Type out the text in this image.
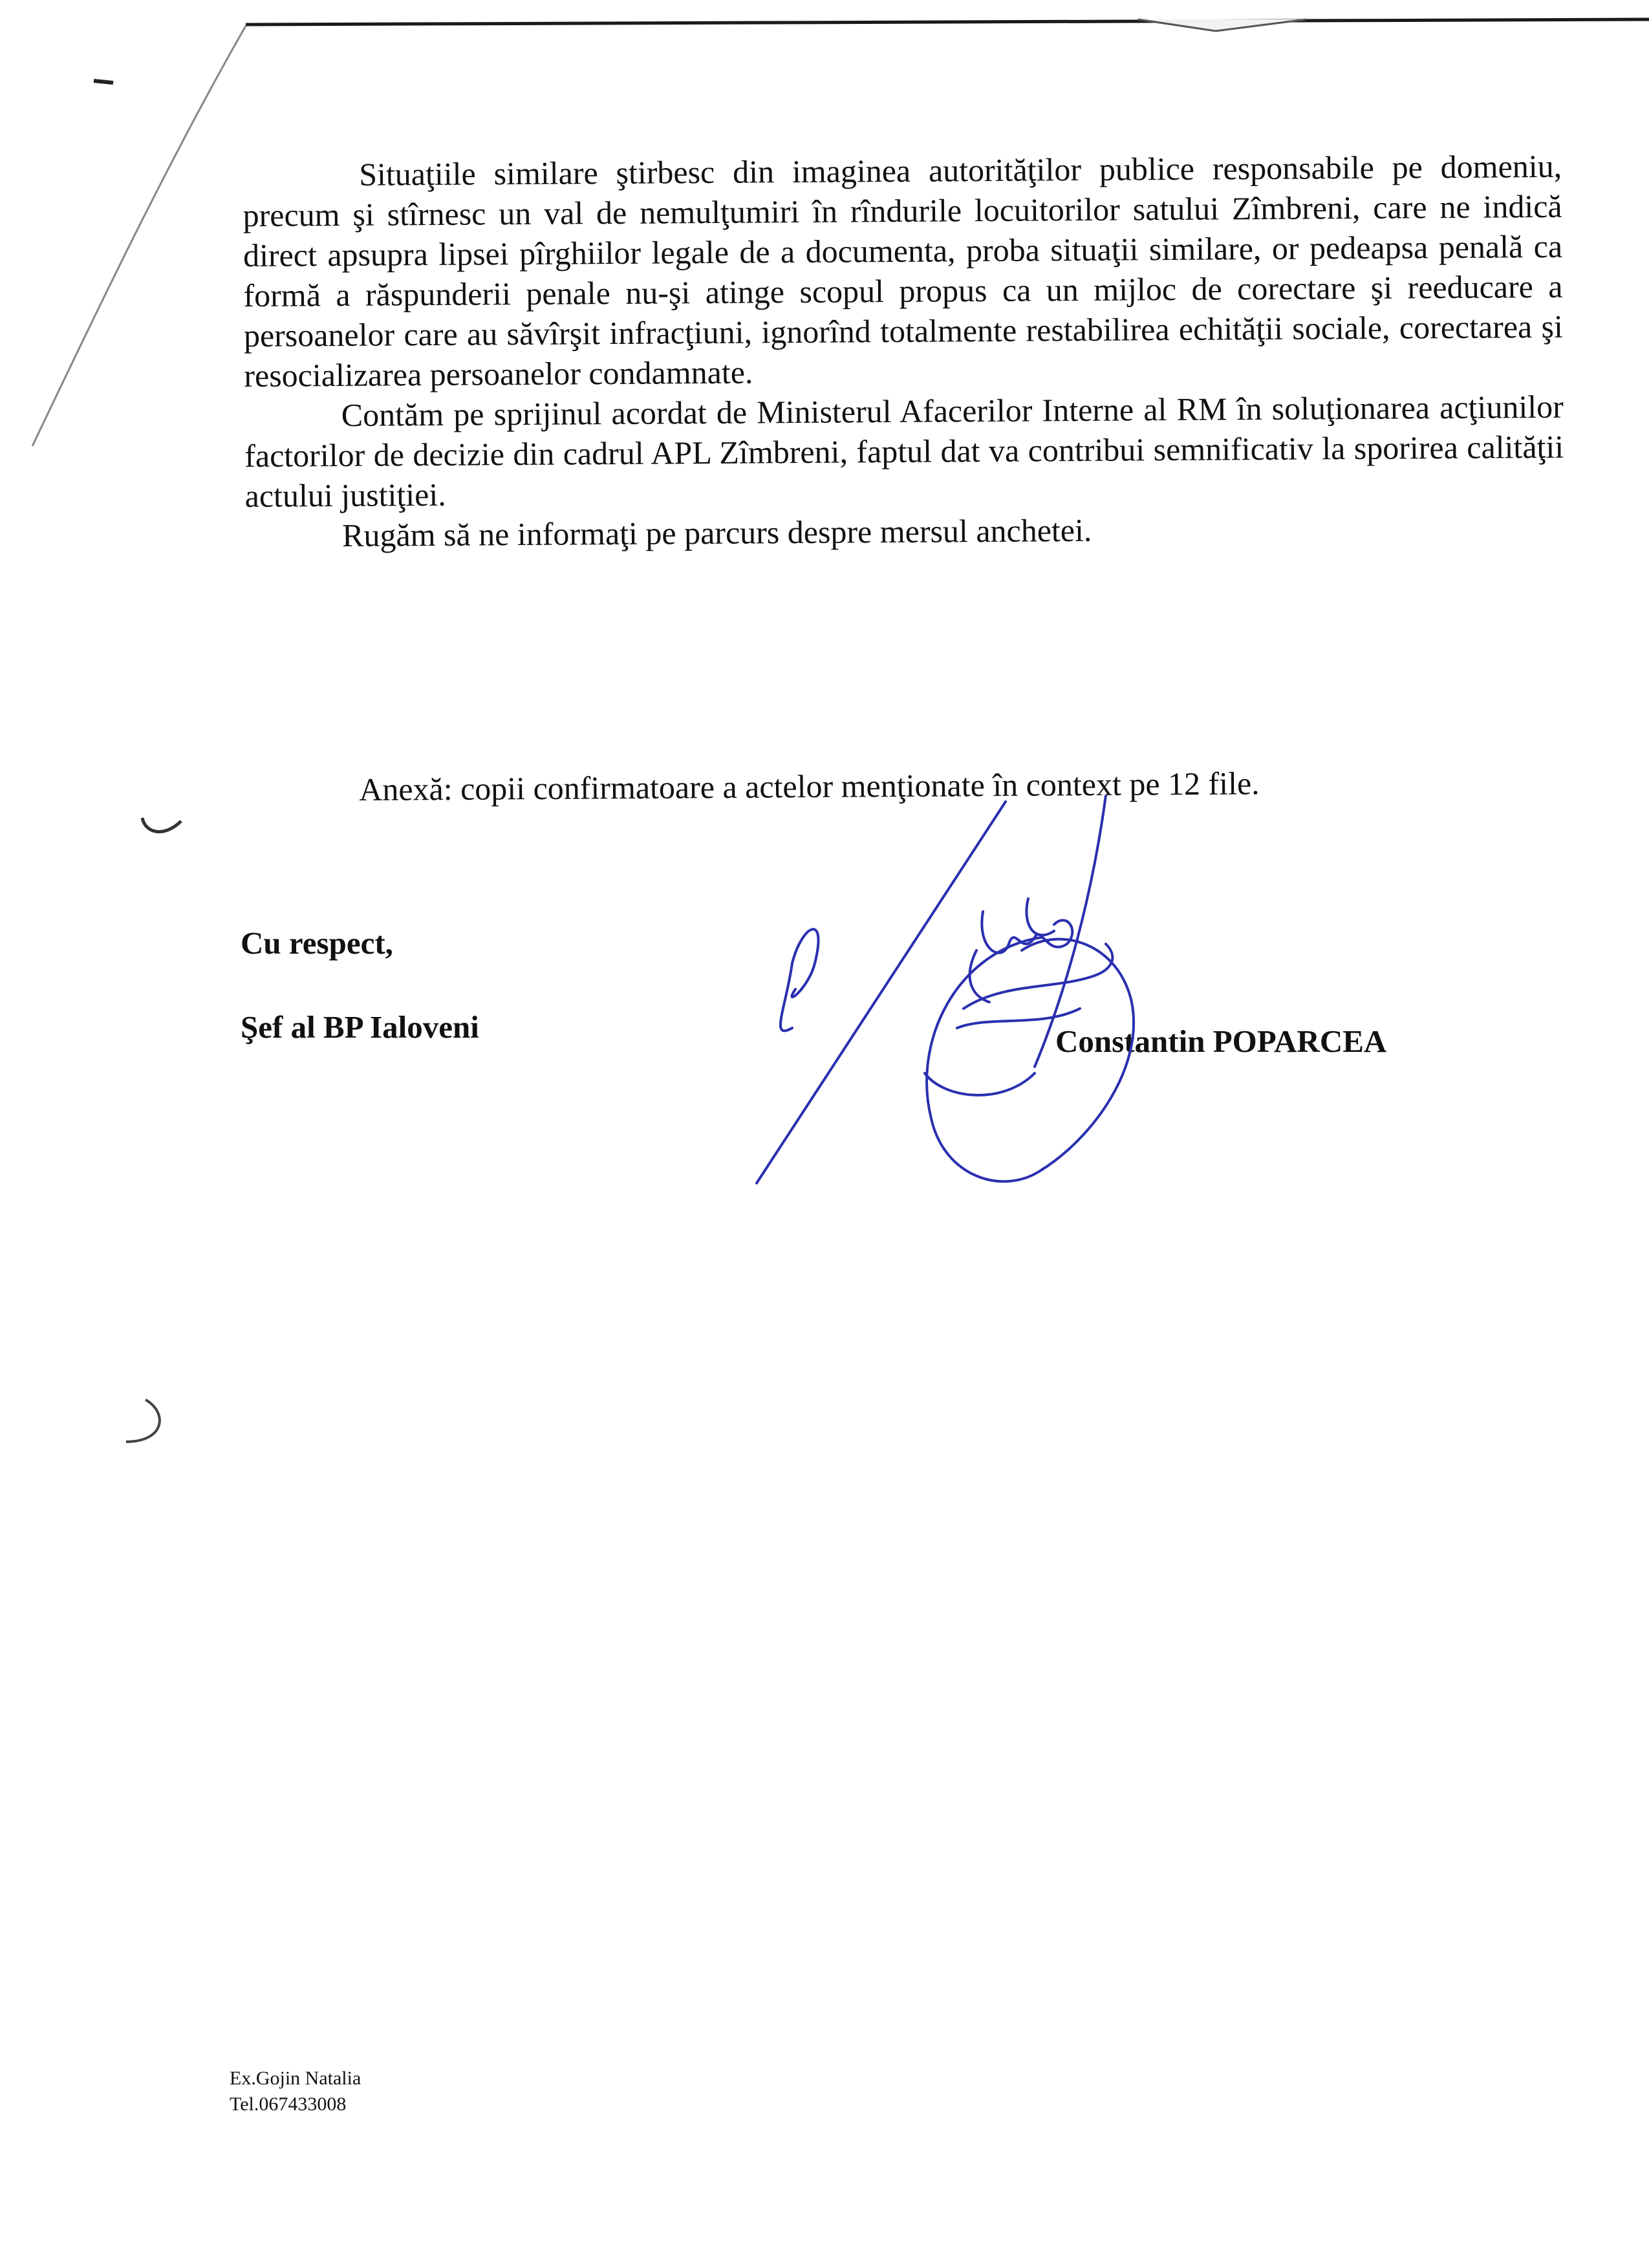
Situaţiile similare ştirbesc din imaginea autorităţilor publice responsabile pe domeniu, precum şi stîrnesc un val de nemulţumiri în rîndurile locuitorilor satului Zîmbreni, care ne indică direct apsupra lipsei pîrghiilor legale de a documenta, proba situaţii similare, or pedeapsa penală ca formă a răspunderii penale nu-şi atinge scopul propus ca un mijloc de corectare şi reeducare a persoanelor care au săvîrşit infracţiuni, ignorînd totalmente restabilirea echităţii sociale, corectarea şi resocializarea persoanelor condamnate.

Contăm pe sprijinul acordat de Ministerul Afacerilor Interne al RM în soluţionarea acţiunilor factorilor de decizie din cadrul APL Zîmbreni, faptul dat va contribui semnificativ la sporirea calităţii actului justiţiei.

Rugăm să ne informaţi pe parcurs despre mersul anchetei.

Anexă: copii confirmatoare a actelor menţionate în context pe 12 file.
Cu respect,
Şef al BP Ialoveni	Constantin POPARCEA
Ex.Gojin Natalia
Tel.067433008
